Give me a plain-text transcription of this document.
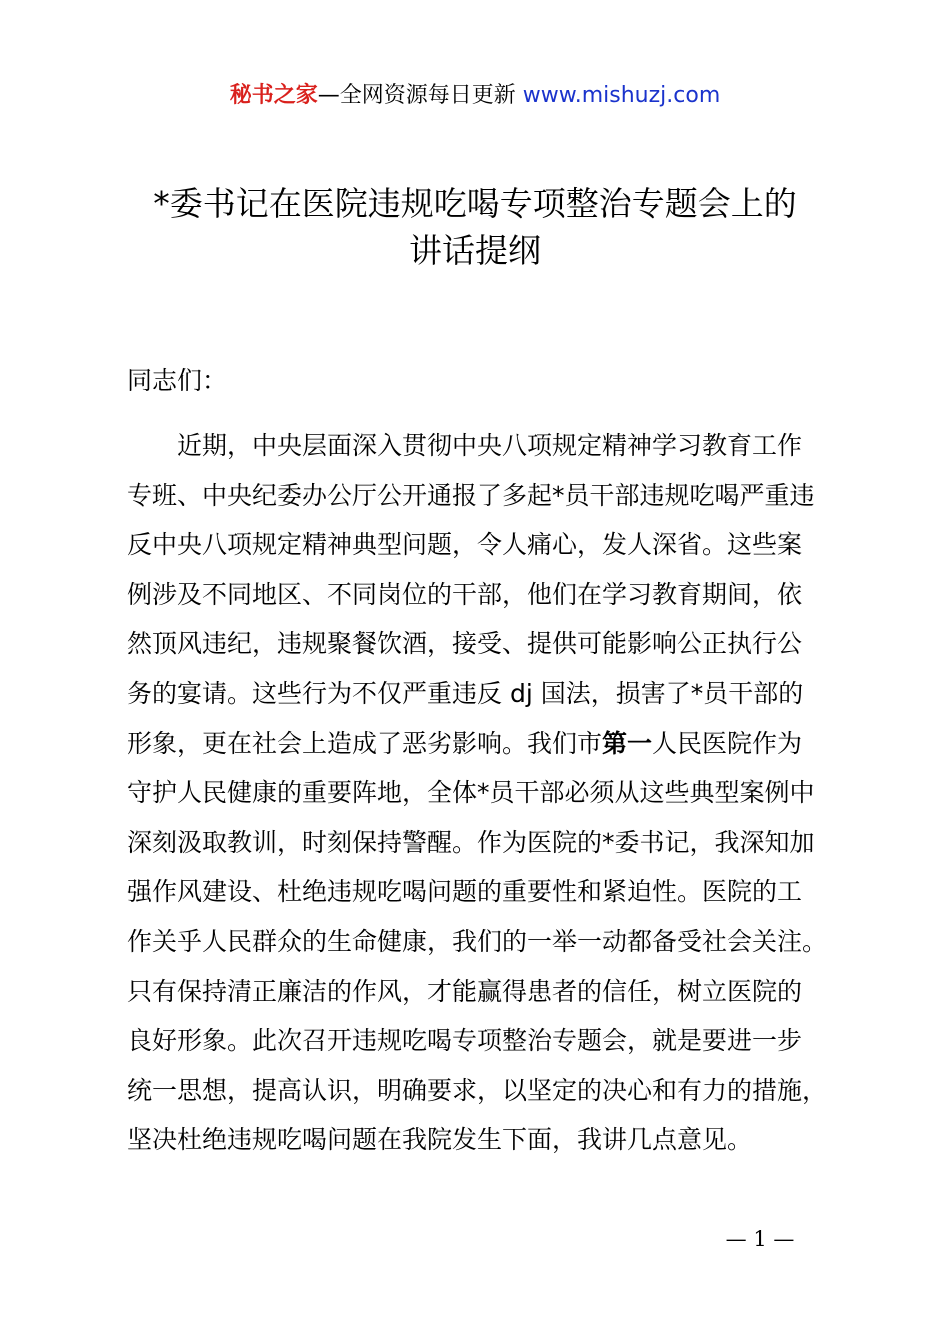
秘书之家—全网资源每日更新 www.mishuzj.com
*委书记在医院违规吃喝专项整治专题会上的
讲话提纲
同志们：
近期，中央层面深入贯彻中央八项规定精神学习教育工作
专班、中央纪委办公厅公开通报了多起*员干部违规吃喝严重违
反中央八项规定精神典型问题，令人痛心，发人深省。这些案
例涉及不同地区、不同岗位的干部，他们在学习教育期间，依
然顶风违纪，违规聚餐饮酒，接受、提供可能影响公正执行公
务的宴请。这些行为不仅严重违反 dj 国法，损害了*员干部的
形象，更在社会上造成了恶劣影响。我们市第一人民医院作为
守护人民健康的重要阵地，全体*员干部必须从这些典型案例中
深刻汲取教训，时刻保持警醒。作为医院的*委书记，我深知加
强作风建设、杜绝违规吃喝问题的重要性和紧迫性。医院的工
作关乎人民群众的生命健康，我们的一举一动都备受社会关注。
只有保持清正廉洁的作风，才能赢得患者的信任，树立医院的
良好形象。此次召开违规吃喝专项整治专题会，就是要进一步
统一思想，提高认识，明确要求，以坚定的决心和有力的措施，
坚决杜绝违规吃喝问题在我院发生下面，我讲几点意见。
— 1 —
